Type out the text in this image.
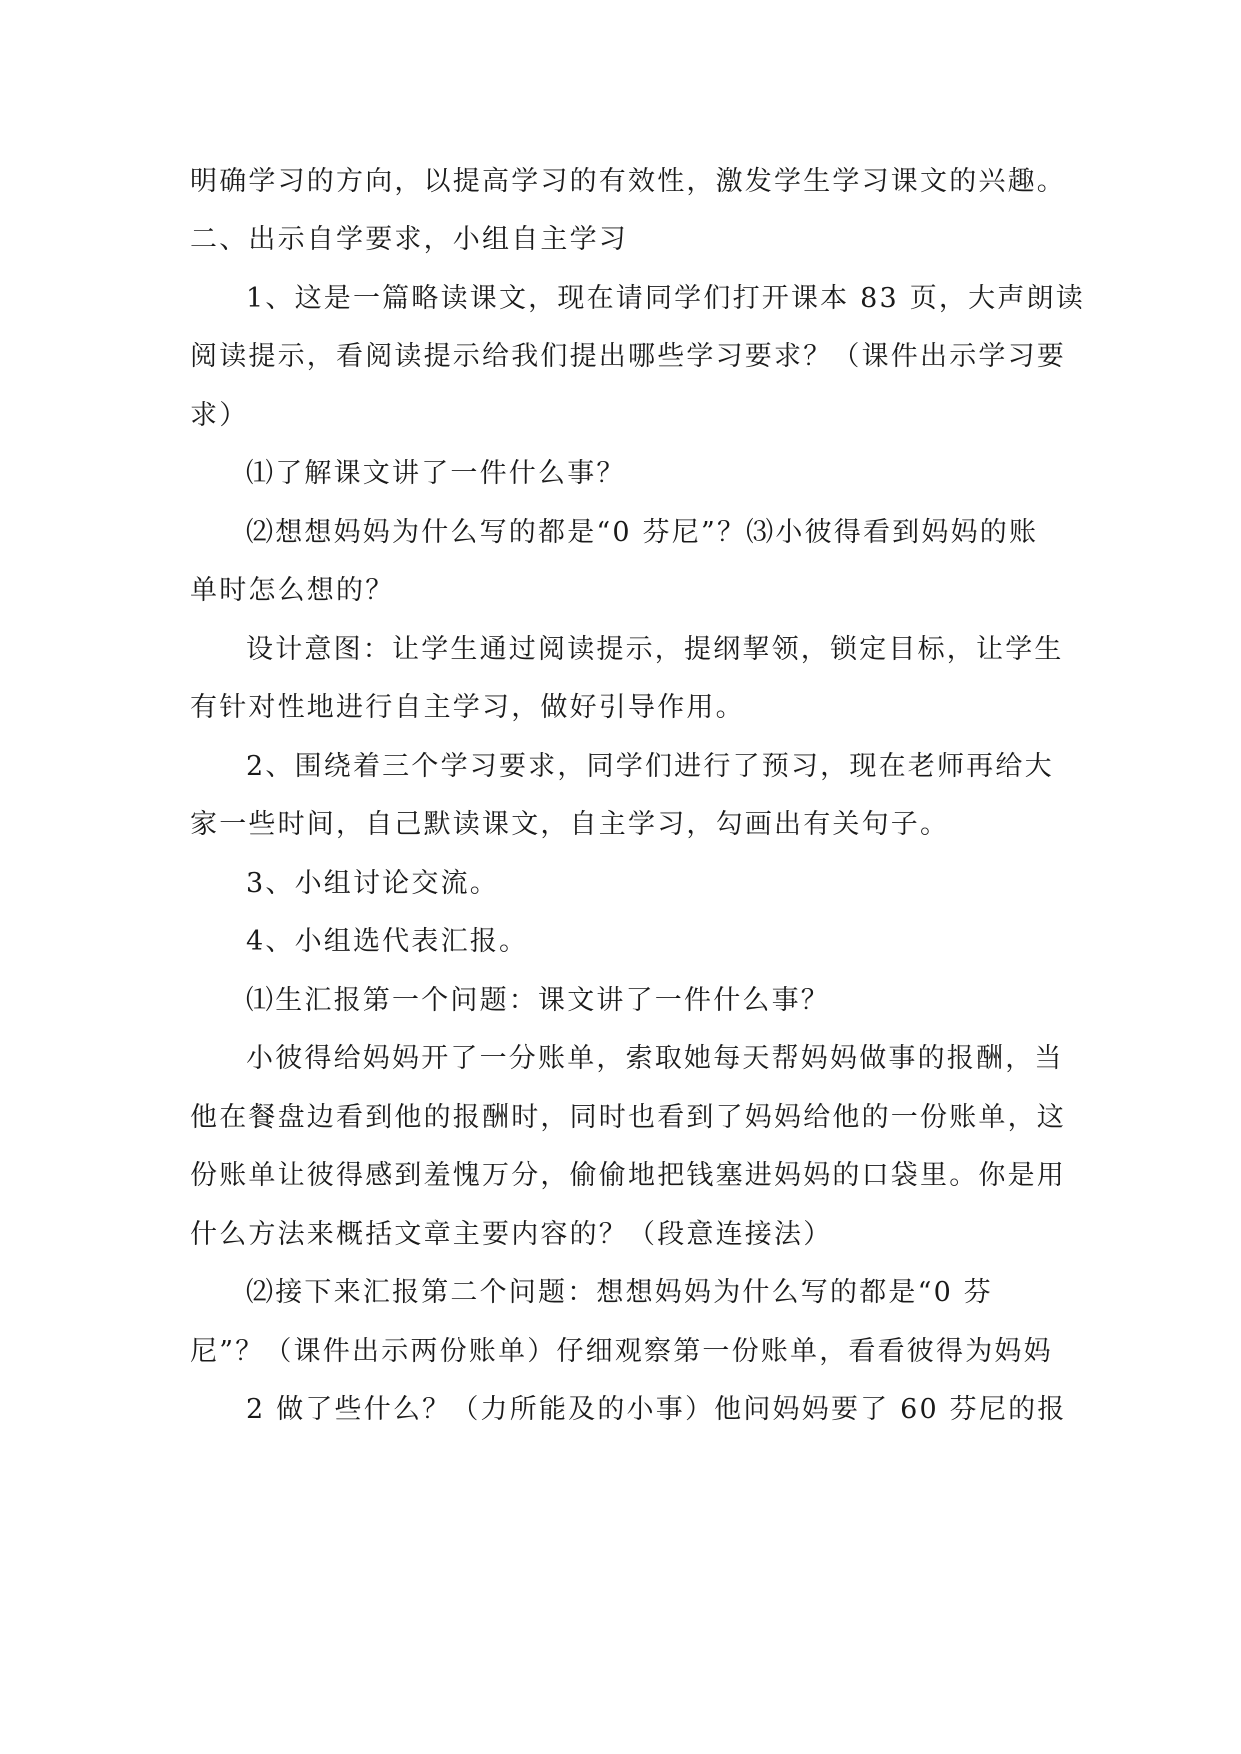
明确学习的方向，以提高学习的有效性，激发学生学习课文的兴趣。
二、出示自学要求，小组自主学习
1、这是一篇略读课文，现在请同学们打开课本 83 页，大声朗读
阅读提示，看阅读提示给我们提出哪些学习要求？（课件出示学习要
求）
⑴了解课文讲了一件什么事？
⑵想想妈妈为什么写的都是“0 芬尼”？⑶小彼得看到妈妈的账
单时怎么想的？
设计意图：让学生通过阅读提示，提纲挈领，锁定目标，让学生
有针对性地进行自主学习，做好引导作用。
2、围绕着三个学习要求，同学们进行了预习，现在老师再给大
家一些时间，自己默读课文，自主学习，勾画出有关句子。
3、小组讨论交流。
4、小组选代表汇报。
⑴生汇报第一个问题：课文讲了一件什么事？
小彼得给妈妈开了一分账单，索取她每天帮妈妈做事的报酬，当
他在餐盘边看到他的报酬时，同时也看到了妈妈给他的一份账单，这
份账单让彼得感到羞愧万分，偷偷地把钱塞进妈妈的口袋里。你是用
什么方法来概括文章主要内容的？（段意连接法）
⑵接下来汇报第二个问题：想想妈妈为什么写的都是“0 芬
尼”？（课件出示两份账单）仔细观察第一份账单，看看彼得为妈妈
2 做了些什么？（力所能及的小事）他问妈妈要了 60 芬尼的报
